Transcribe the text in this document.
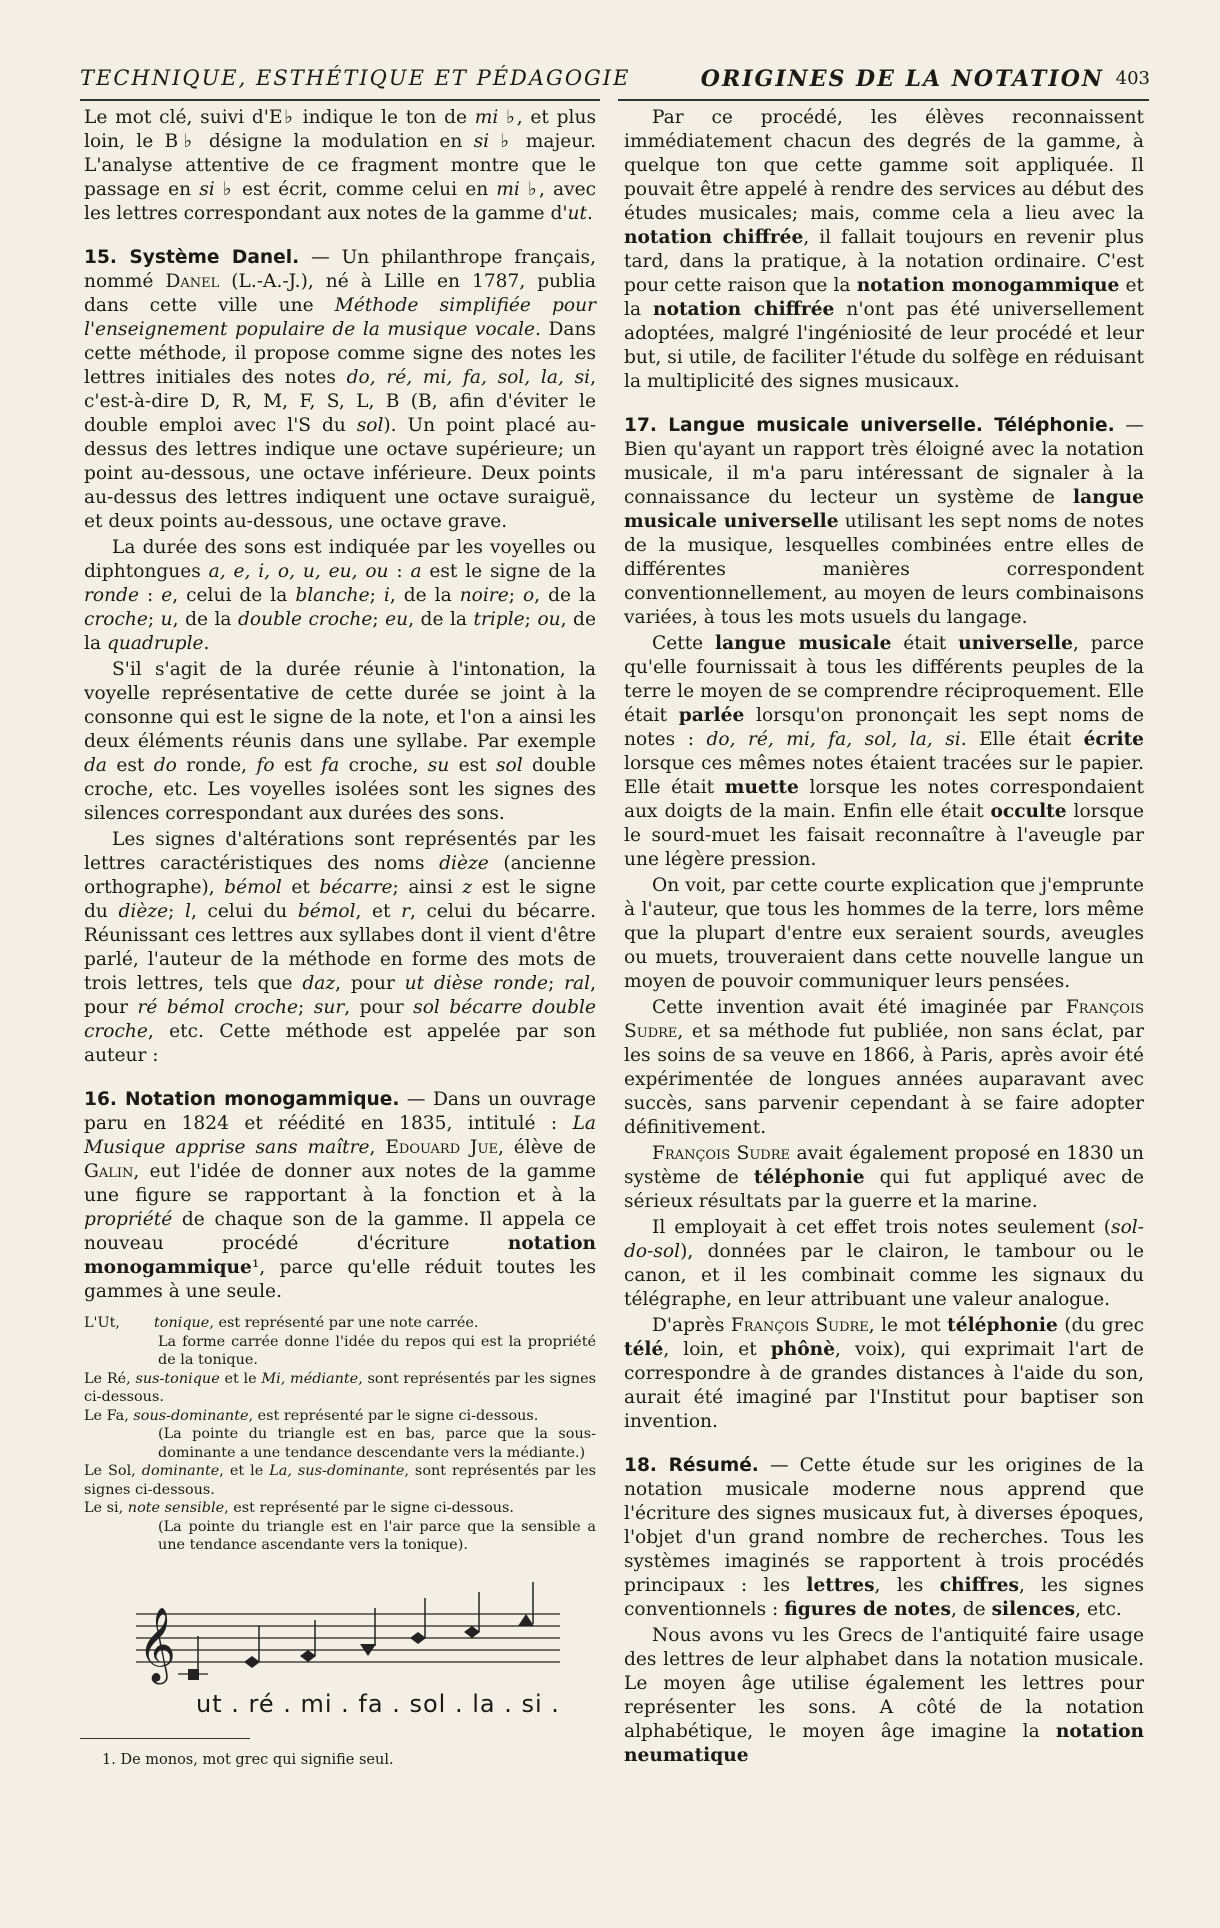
TECHNIQUE, ESTHÉTIQUE ET PÉDAGOGIE	ORIGINES DE LA NOTATION 403

Le mot clé, suivi d'E♭ indique le ton de mi ♭, et plus loin, le B♭ désigne la modulation en si ♭ majeur. L'analyse attentive de ce fragment montre que le passage en si ♭ est écrit, comme celui en mi ♭, avec les lettres correspondant aux notes de la gamme d'ut.

15. Système Danel. — Un philanthrope français, nommé Danel (L.-A.-J.), né à Lille en 1787, publia dans cette ville une Méthode simplifiée pour l'enseignement populaire de la musique vocale. Dans cette méthode, il propose comme signe des notes les lettres initiales des notes do, ré, mi, fa, sol, la, si, c'est-à-dire D, R, M, F, S, L, B (B, afin d'éviter le double emploi avec l'S du sol). Un point placé au-dessus des lettres indique une octave supérieure; un point au-dessous, une octave inférieure. Deux points au-dessus des lettres indiquent une octave suraiguë, et deux points au-dessous, une octave grave.

La durée des sons est indiquée par les voyelles ou diphtongues a, e, i, o, u, eu, ou : a est le signe de la ronde : e, celui de la blanche; i, de la noire; o, de la croche; u, de la double croche; eu, de la triple; ou, de la quadruple.

S'il s'agit de la durée réunie à l'intonation, la voyelle représentative de cette durée se joint à la consonne qui est le signe de la note, et l'on a ainsi les deux éléments réunis dans une syllabe. Par exemple da est do ronde, fo est fa croche, su est sol double croche, etc. Les voyelles isolées sont les signes des silences correspondant aux durées des sons.

Les signes d'altérations sont représentés par les lettres caractéristiques des noms dièze (ancienne orthographe), bémol et bécarre; ainsi z est le signe du dièze; l, celui du bémol, et r, celui du bécarre. Réunissant ces lettres aux syllabes dont il vient d'être parlé, l'auteur de la méthode en forme des mots de trois lettres, tels que daz, pour ut dièse ronde; ral, pour ré bémol croche; sur, pour sol bécarre double croche, etc. Cette méthode est appelée par son auteur :

16. Notation monogammique. — Dans un ouvrage paru en 1824 et réédité en 1835, intitulé : La Musique apprise sans maître, Edouard Jue, élève de Galin, eut l'idée de donner aux notes de la gamme une figure se rapportant à la fonction et à la propriété de chaque son de la gamme. Il appela ce nouveau procédé d'écriture notation monogammique¹, parce qu'elle réduit toutes les gammes à une seule.

L'Ut, tonique, est représenté par une note carrée.
La forme carrée donne l'idée du repos qui est la propriété de la tonique.
Le Ré, sus-tonique et le Mi, médiante, sont représentés par les signes ci-dessous.
Le Fa, sous-dominante, est représenté par le signe ci-dessous.
(La pointe du triangle est en bas, parce que la sous-dominante a une tendance descendante vers la médiante.)
Le Sol, dominante, et le La, sus-dominante, sont représentés par les signes ci-dessous.
Le si, note sensible, est représenté par le signe ci-dessous.
(La pointe du triangle est en l'air parce que la sensible a une tendance ascendante vers la tonique).
𝄞
ut . ré . mi . fa . sol . la . si .
1. De monos, mot grec qui signifie seul.

Par ce procédé, les élèves reconnaissent immédiatement chacun des degrés de la gamme, à quelque ton que cette gamme soit appliquée. Il pouvait être appelé à rendre des services au début des études musicales; mais, comme cela a lieu avec la notation chiffrée, il fallait toujours en revenir plus tard, dans la pratique, à la notation ordinaire. C'est pour cette raison que la notation monogammique et la notation chiffrée n'ont pas été universellement adoptées, malgré l'ingéniosité de leur procédé et leur but, si utile, de faciliter l'étude du solfège en réduisant la multiplicité des signes musicaux.

17. Langue musicale universelle. Téléphonie. — Bien qu'ayant un rapport très éloigné avec la notation musicale, il m'a paru intéressant de signaler à la connaissance du lecteur un système de langue musicale universelle utilisant les sept noms de notes de la musique, lesquelles combinées entre elles de différentes manières correspondent conventionnellement, au moyen de leurs combinaisons variées, à tous les mots usuels du langage.

Cette langue musicale était universelle, parce qu'elle fournissait à tous les différents peuples de la terre le moyen de se comprendre réciproquement. Elle était parlée lorsqu'on prononçait les sept noms de notes : do, ré, mi, fa, sol, la, si. Elle était écrite lorsque ces mêmes notes étaient tracées sur le papier. Elle était muette lorsque les notes correspondaient aux doigts de la main. Enfin elle était occulte lorsque le sourd-muet les faisait reconnaître à l'aveugle par une légère pression.

On voit, par cette courte explication que j'emprunte à l'auteur, que tous les hommes de la terre, lors même que la plupart d'entre eux seraient sourds, aveugles ou muets, trouveraient dans cette nouvelle langue un moyen de pouvoir communiquer leurs pensées.

Cette invention avait été imaginée par François Sudre, et sa méthode fut publiée, non sans éclat, par les soins de sa veuve en 1866, à Paris, après avoir été expérimentée de longues années auparavant avec succès, sans parvenir cependant à se faire adopter définitivement.

François Sudre avait également proposé en 1830 un système de téléphonie qui fut appliqué avec de sérieux résultats par la guerre et la marine.

Il employait à cet effet trois notes seulement (sol-do-sol), données par le clairon, le tambour ou le canon, et il les combinait comme les signaux du télégraphe, en leur attribuant une valeur analogue.

D'après François Sudre, le mot téléphonie (du grec télé, loin, et phônè, voix), qui exprimait l'art de correspondre à de grandes distances à l'aide du son, aurait été imaginé par l'Institut pour baptiser son invention.

18. Résumé. — Cette étude sur les origines de la notation musicale moderne nous apprend que l'écriture des signes musicaux fut, à diverses époques, l'objet d'un grand nombre de recherches. Tous les systèmes imaginés se rapportent à trois procédés principaux : les lettres, les chiffres, les signes conventionnels : figures de notes, de silences, etc.

Nous avons vu les Grecs de l'antiquité faire usage des lettres de leur alphabet dans la notation musicale. Le moyen âge utilise également les lettres pour représenter les sons. A côté de la notation alphabétique, le moyen âge imagine la notation neumatique
